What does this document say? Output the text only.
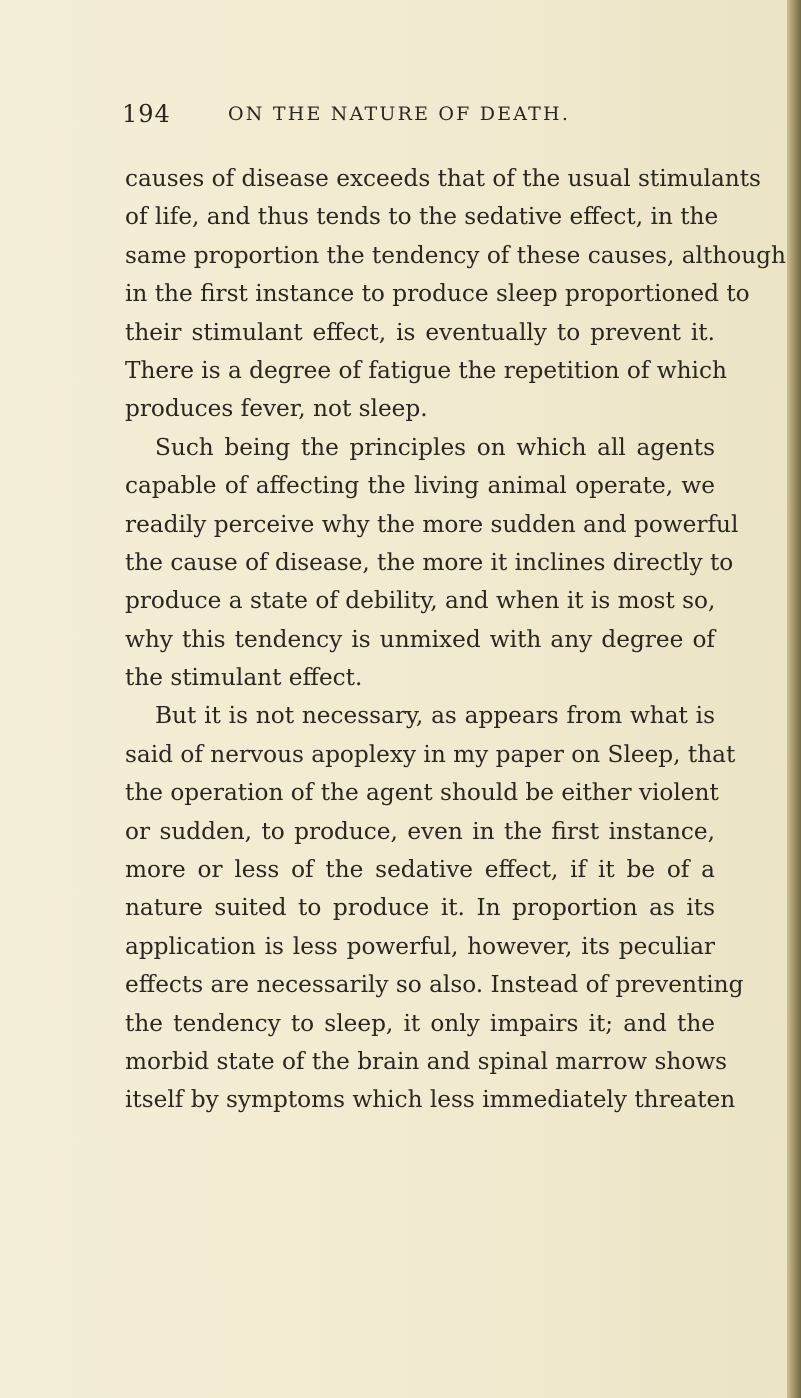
194	ON THE NATURE OF DEATH.
causes of disease exceeds that of the usual stimulants
of life, and thus tends to the sedative effect, in the
same proportion the tendency of these causes, although
in the first instance to produce sleep proportioned to
their stimulant effect, is eventually to prevent it.
There is a degree of fatigue the repetition of which
produces fever, not sleep.
Such being the principles on which all agents
capable of affecting the living animal operate, we
readily perceive why the more sudden and powerful
the cause of disease, the more it inclines directly to
produce a state of debility, and when it is most so,
why this tendency is unmixed with any degree of
the stimulant effect.
But it is not necessary, as appears from what is
said of nervous apoplexy in my paper on Sleep, that
the operation of the agent should be either violent
or sudden, to produce, even in the first instance,
more or less of the sedative effect, if it be of a
nature suited to produce it. In proportion as its
application is less powerful, however, its peculiar
effects are necessarily so also. Instead of preventing
the tendency to sleep, it only impairs it; and the
morbid state of the brain and spinal marrow shows
itself by symptoms which less immediately threaten
